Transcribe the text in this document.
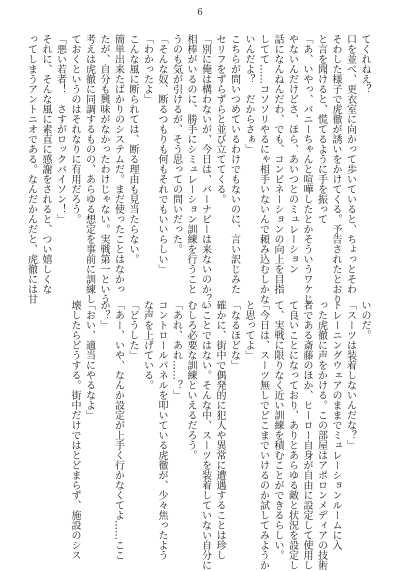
6

てくれねえ？

口を並べ、更衣室に向かって歩いていると、ちょっとそわ

そわした様子で虎徹が誘いをかけてくる。予告されたとおり

と言を聞けると、慌てるように手を振って

「あ、いやっ、バニーちゃんと喧嘩したとかそういうワケじ

やないんだけどさ、ほら、あいつとのミュレーション

話になんねんだわ、でも、コンビネーションの向上を目指

してて……コソソリやるにゃ相手いないんで頼み込むしかな

いんだよ？　だからさぁ」

こちらが問いつめているわけでもないのに、言い訳じみた

セリフをずらずらと並び立ててくる。

「別に俺は構わないが、今日は、バーナビーは来ないのか？」

相棒がいるのに、勝手にシミュレーション訓練を行うこと

うのも気が引けるが、そう思っての問いだった。

「そんな奴、断るつもりも何もそれでもいいらしい」

「わかったよ」

こんな風に断られては、断る理由も見当たらない。

簡単出来たばかりのシステムだ。まだ使ったことはなかっ

たが、自分も興味がなかったわけじゃない。実戦第一という

考えは虎徹に同調するものの、あらゆる想定を事前に訓練し

ておくというのはそれなりに有用だろう。

「悪い若者！　さすがロックバイソン！」

それに、そんな風に素直に感謝をされると、つい嬉しくな

ってしまうアントニオである。なんだかんだと、虎徹には甘

いのだ。

「スーツは装着しないんだな？」

トレーニングウェアのままでミュレーションルームに入

った虎徹に声をかける。この部屋はアポロンメディアの技術

者である斎藤のほか、ヒーロー自身が自由に設定して使用し

て良いことになっており、ありとあらゆる敵と状況を設定し

て、実戦に限りなく近い訓練を積むことができるらしい。

「今日は、スーツ無しでどこまでいけるのか試してみようか

と思ってよ」

「なるほどな」

確かに、街中で偶発的に犯人や異常に遭遇することは珍し

いことではない。そんな中、スーツを装着していない自分に

むしろ必要な訓練といえるだろう。

「あれ、あれ……？」

コントロールパネルを叩いている虎徹が、少々焦ったよう

な声を上げている。

「どうした」

「あー、いや、なんか設定が上手く行かなくてよ……ここ

か？」

「おい、適当にやるなよ」

壊したらどうする。街中だけではとどまらず、施設のシス
